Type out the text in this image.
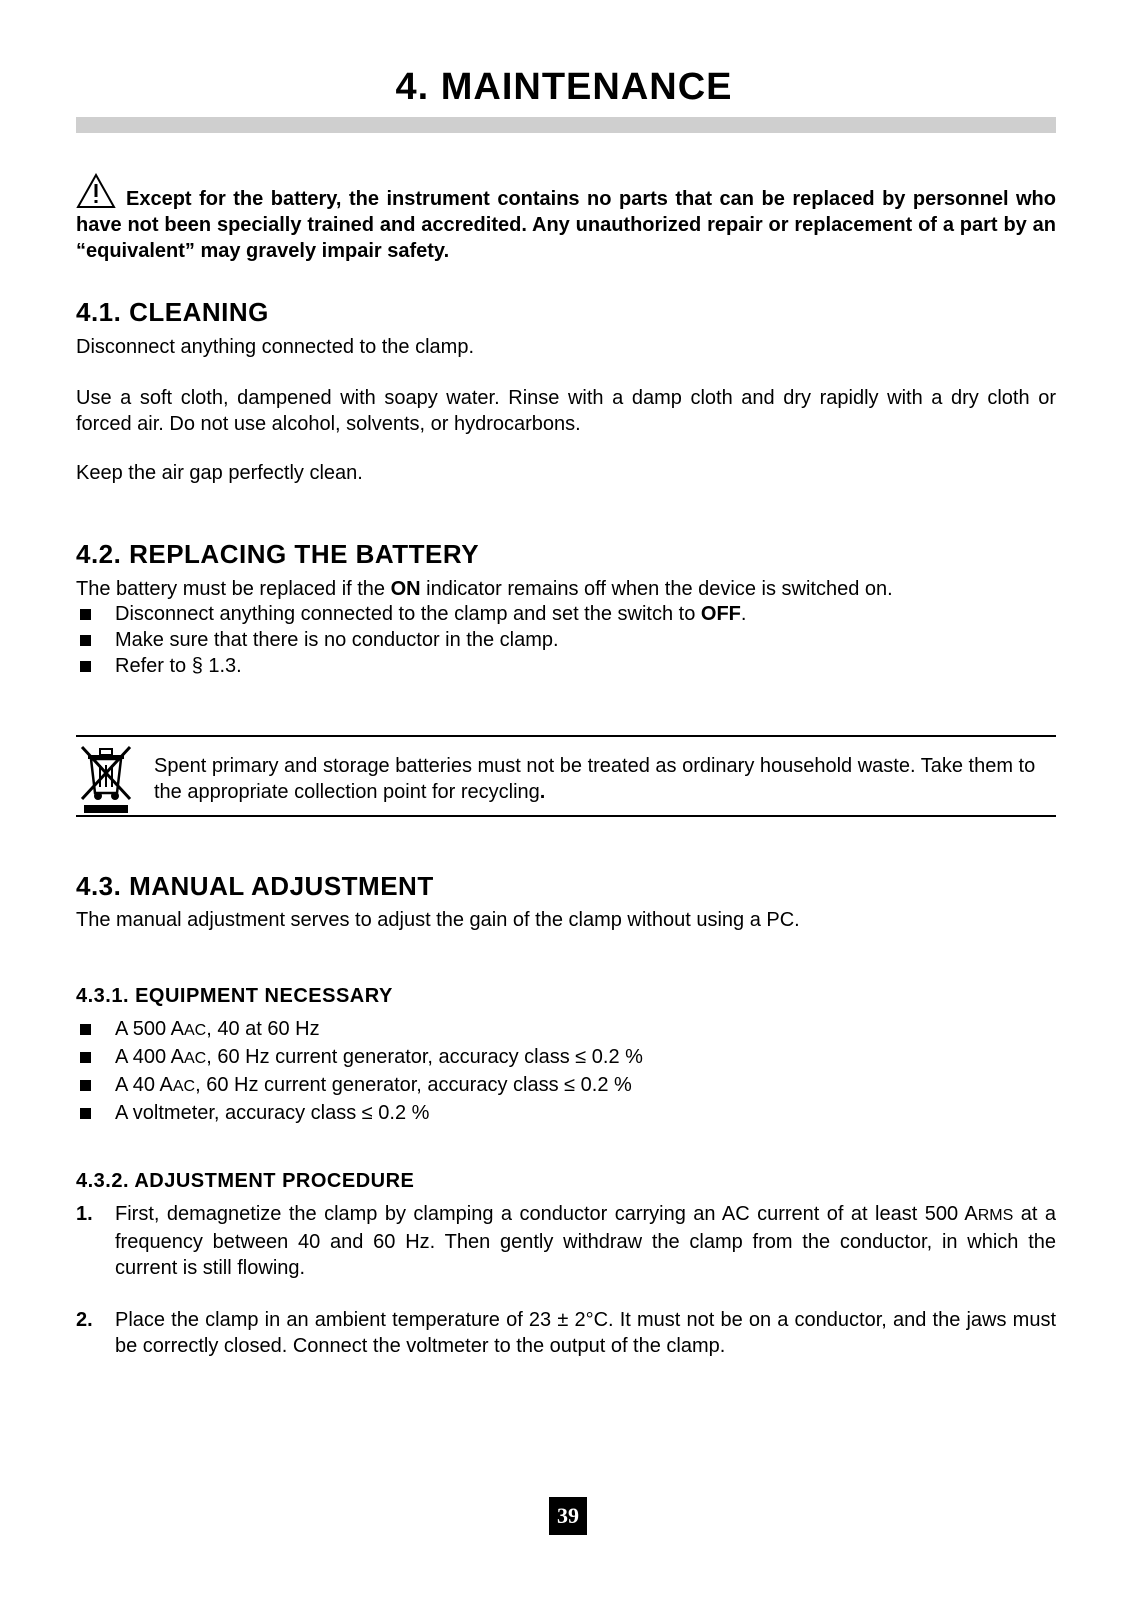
4. MAINTENANCE
Except for the battery, the instrument contains no parts that can be replaced by personnel who have not been specially trained and accredited. Any unauthorized repair or replacement of a part by an “equivalent” may gravely impair safety.
4.1. CLEANING
Disconnect anything connected to the clamp.
Use a soft cloth, dampened with soapy water. Rinse with a damp cloth and dry rapidly with a dry cloth or forced air. Do not use alcohol, solvents, or hydrocarbons.
Keep the air gap perfectly clean.
4.2. REPLACING THE BATTERY
The battery must be replaced if the ON indicator remains off when the device is switched on.
Disconnect anything connected to the clamp and set the switch to OFF.
Make sure that there is no conductor in the clamp.
Refer to § 1.3.
Spent primary and storage batteries must not be treated as ordinary household waste. Take them to the appropriate collection point for recycling.
4.3. MANUAL ADJUSTMENT
The manual adjustment serves to adjust the gain of the clamp without using a PC.
4.3.1. EQUIPMENT NECESSARY
A 500 AAC, 40 at 60 Hz
A 400 AAC, 60 Hz current generator, accuracy class ≤ 0.2 %
A 40 AAC, 60 Hz current generator, accuracy class ≤ 0.2 %
A voltmeter, accuracy class ≤ 0.2 %
4.3.2. ADJUSTMENT PROCEDURE
1. First, demagnetize the clamp by clamping a conductor carrying an AC current of at least 500 ARMS at a frequency between 40 and 60 Hz. Then gently withdraw the clamp from the conductor, in which the current is still flowing.
2. Place the clamp in an ambient temperature of 23 ± 2°C. It must not be on a conductor, and the jaws must be correctly closed. Connect the voltmeter to the output of the clamp.
39
